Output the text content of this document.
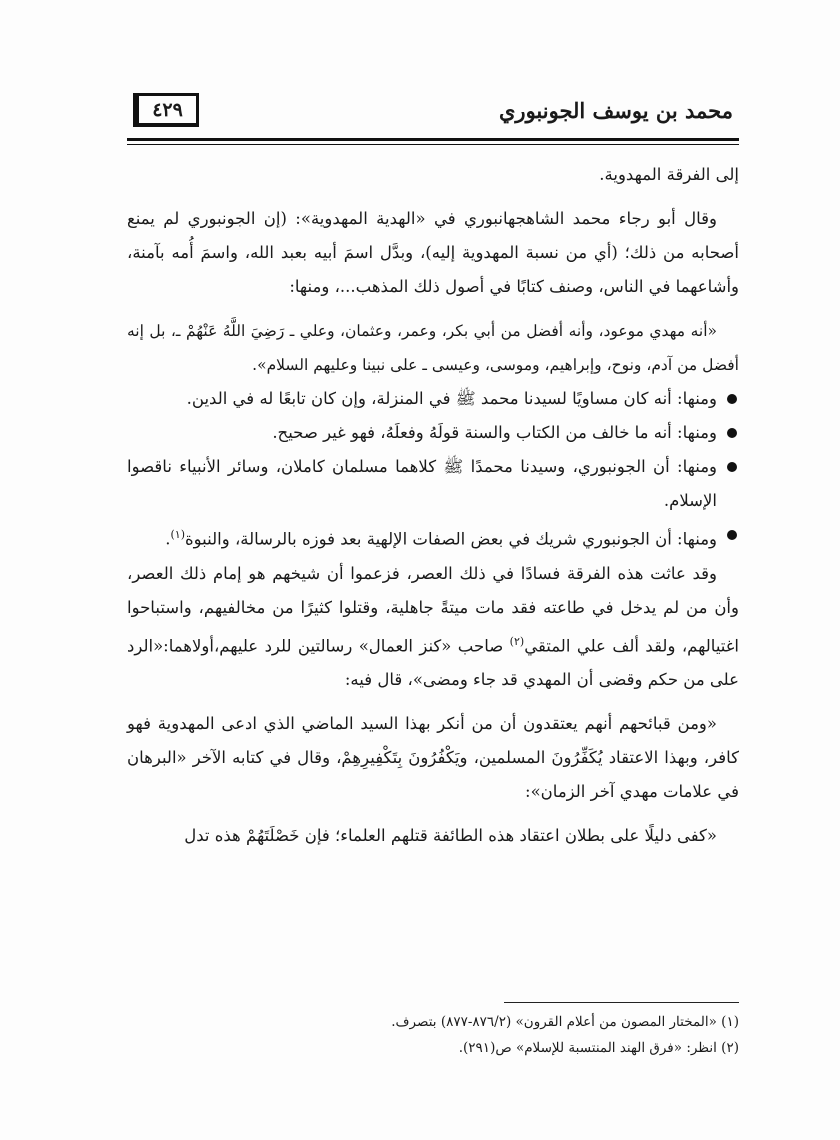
محمد بن يوسف الجونبوري
٤٢٩

إلى الفرقة المهدوية.

وقال أبو رجاء محمد الشاهجهانبوري في «الهدية المهدوية»: (إن الجونبوري لم يمنع أصحابه من ذلك؛ (أي من نسبة المهدوية إليه)، وبدَّل اسمَ أبيه بعبد الله، واسمَ أُمه بآمنة، وأشاعهما في الناس، وصنف كتابًا في أصول ذلك المذهب...، ومنها:

«أنه مهدي موعود، وأنه أفضل من أبي بكر، وعمر، وعثمان، وعلي ـ رَضِيَ اللَّهُ عَنْهُمْ ـ، بل إنه أفضل من آدم، ونوح، وإبراهيم، وموسى، وعيسى ـ على نبينا وعليهم السلام».

ومنها: أنه كان مساويًا لسيدنا محمد ﷺ في المنزلة، وإن كان تابعًا له في الدين.

ومنها: أنه ما خالف من الكتاب والسنة قولَهُ وفعلَهُ، فهو غير صحيح.

ومنها: أن الجونبوري، وسيدنا محمدًا ﷺ كلاهما مسلمان كاملان، وسائر الأنبياء ناقصوا الإسلام.

ومنها: أن الجونبوري شريك في بعض الصفات الإلهية بعد فوزه بالرسالة، والنبوة$^{(١)}$.

وقد عاثت هذه الفرقة فسادًا في ذلك العصر، فزعموا أن شيخهم هو إمام ذلك العصر، وأن من لم يدخل في طاعته فقد مات ميتةً جاهلية، وقتلوا كثيرًا من مخالفيهم، واستباحوا اغتيالهم، ولقد ألف علي المتقي$^{(٢)}$ صاحب «كنز العمال» رسالتين للرد عليهم،أولاهما:«الرد على من حكم وقضى أن المهدي قد جاء ومضى»، قال فيه:

«ومن قبائحهم أنهم يعتقدون أن من أنكر بهذا السيد الماضي الذي ادعى المهدوية فهو كافر، وبهذا الاعتقاد يُكَفِّرُونَ المسلمين، ويَكْفُرُونَ بِتَكْفِيرِهِمْ، وقال في كتابه الآخر «البرهان في علامات مهدي آخر الزمان»:

«كفى دليلًا على بطلان اعتقاد هذه الطائفة قتلهم العلماء؛ فإن خَصْلَتَهُمْ هذه تدل

(١) «المختار المصون من أعلام القرون» (٨٧٦/٢-٨٧٧) بتصرف.
(٢) انظر: «فرق الهند المنتسبة للإسلام» ص(٢٩١).
